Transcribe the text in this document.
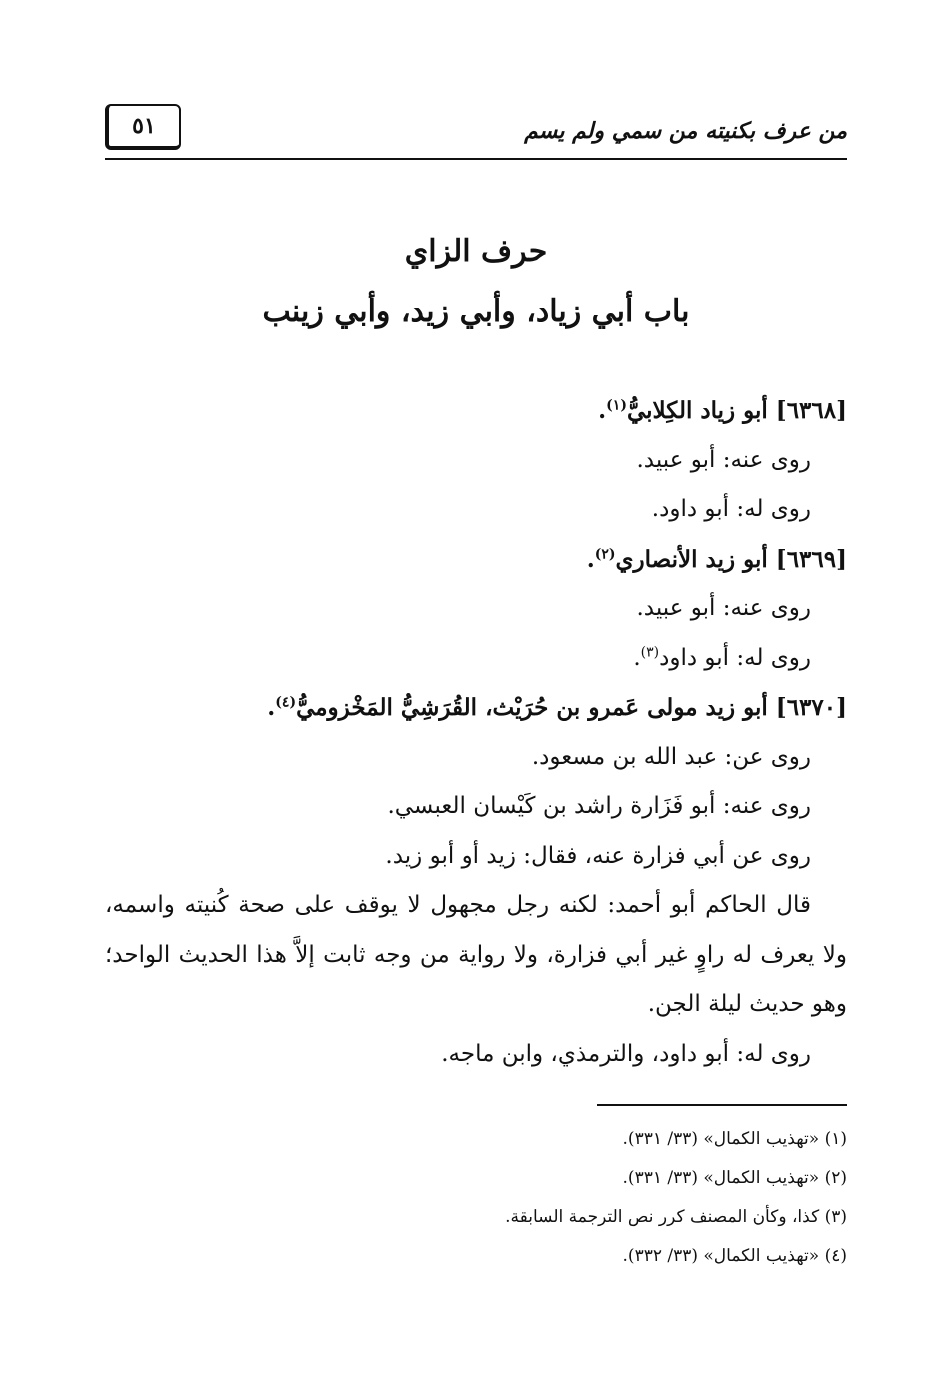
من عرف بكنيته من سمي ولم يسم
٥١
حرف الزاي
باب أبي زياد، وأبي زيد، وأبي زينب
[٦٣٦٨] أبو زياد الكِلابيُّ$^{(١)}$.
روى عنه: أبو عبيد.
روى له: أبو داود.
[٦٣٦٩] أبو زيد الأنصاري$^{(٢)}$.
روى عنه: أبو عبيد.
روى له: أبو داود$^{(٣)}$.
[٦٣٧٠] أبو زيد مولى عَمرو بن حُرَيْث، القُرَشِيُّ المَخْزوميُّ$^{(٤)}$.
روى عن: عبد الله بن مسعود.
روى عنه: أبو فَزَارة راشد بن كَيْسان العبسي.
روى عن أبي فزارة عنه، فقال: زيد أو أبو زيد.
قال الحاكم أبو أحمد: لكنه رجل مجهول لا يوقف على صحة كُنيته واسمه، ولا يعرف له راوٍ غير أبي فزارة، ولا رواية من وجه ثابت إلاَّ هذا الحديث الواحد؛ وهو حديث ليلة الجن.
روى له: أبو داود، والترمذي، وابن ماجه.
(١) «تهذيب الكمال» (٣٣/ ٣٣١).
(٢) «تهذيب الكمال» (٣٣/ ٣٣١).
(٣) كذا، وكأن المصنف كرر نص الترجمة السابقة.
(٤) «تهذيب الكمال» (٣٣/ ٣٣٢).
